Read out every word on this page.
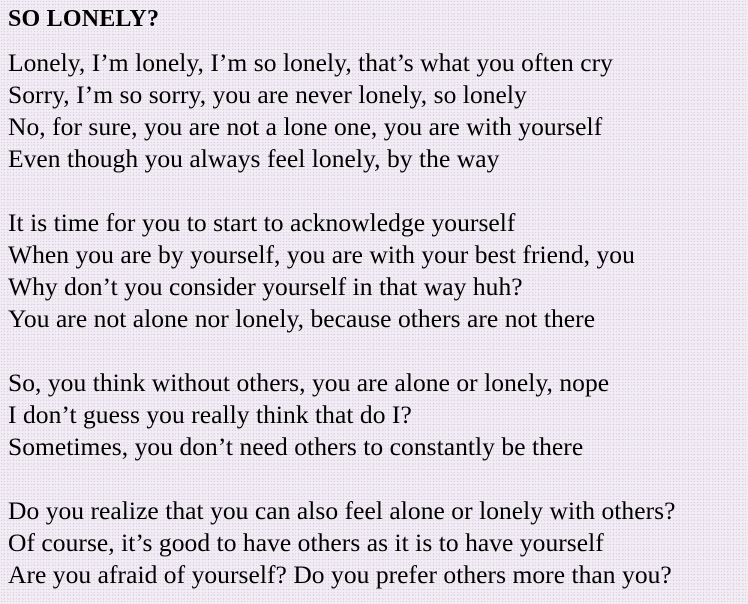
SO LONELY?
Lonely, I’m lonely, I’m so lonely, that’s what you often cry
Sorry, I’m so sorry, you are never lonely, so lonely
No, for sure, you are not a lone one, you are with yourself
Even though you always feel lonely, by the way
It is time for you to start to acknowledge yourself
When you are by yourself, you are with your best friend, you
Why don’t you consider yourself in that way huh?
You are not alone nor lonely, because others are not there
So, you think without others, you are alone or lonely, nope
I don’t guess you really think that do I?
Sometimes, you don’t need others to constantly be there
Do you realize that you can also feel alone or lonely with others?
Of course, it’s good to have others as it is to have yourself
Are you afraid of yourself? Do you prefer others more than you?
